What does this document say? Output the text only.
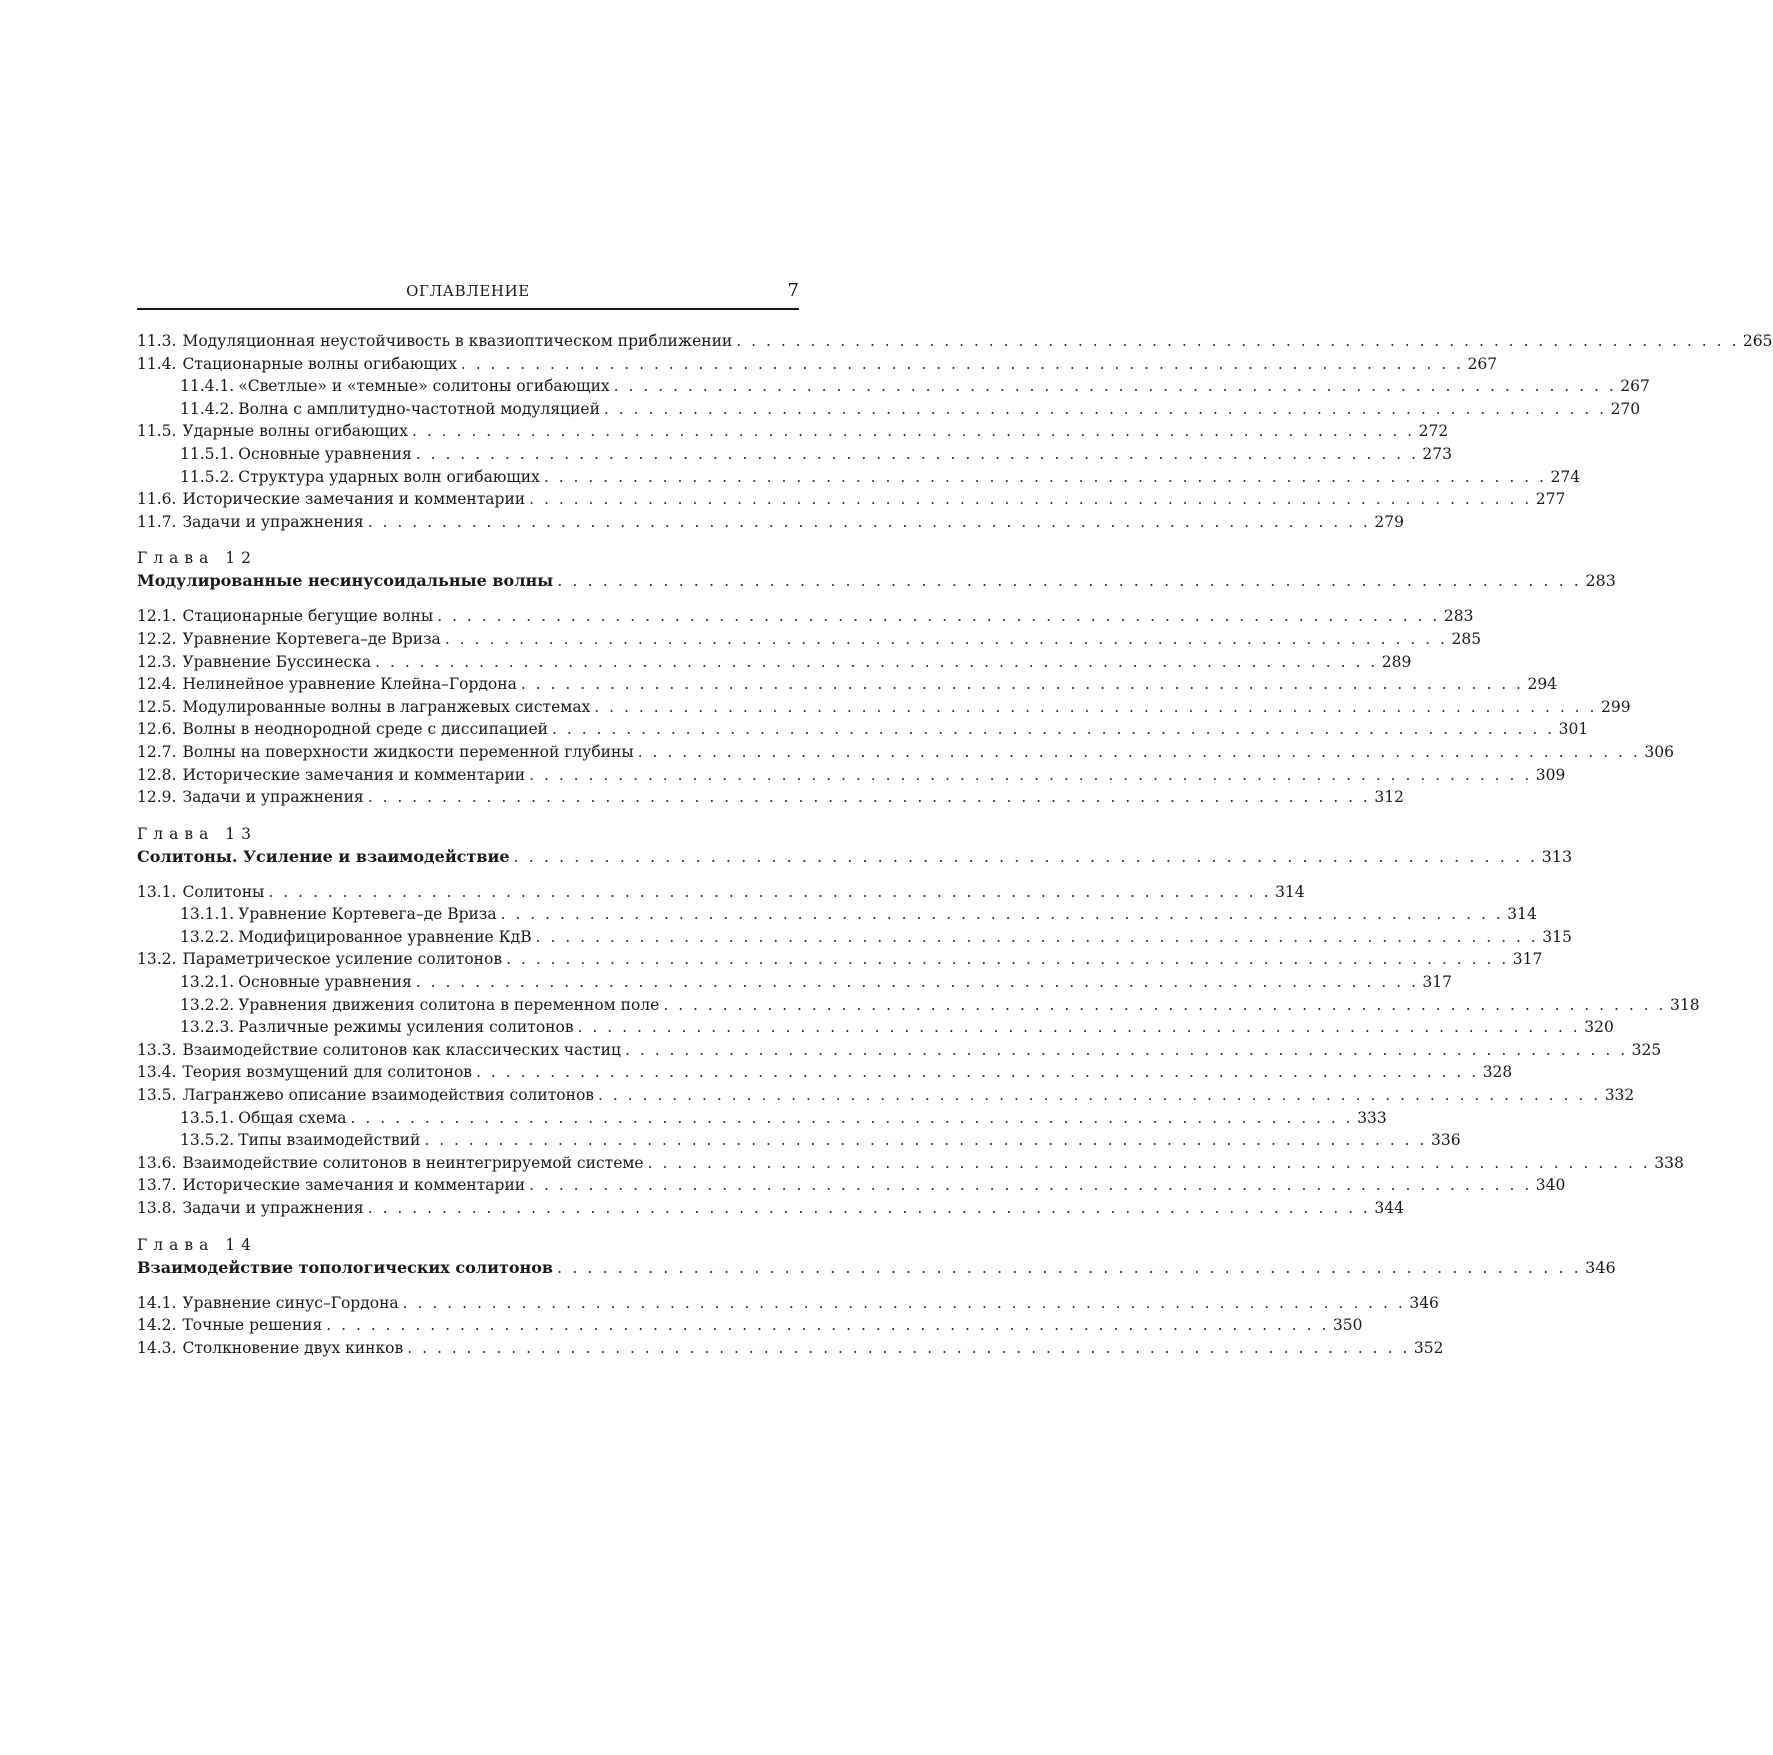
ОГЛАВЛЕНИЕ	7
11.3. Модуляционная неустойчивость в квазиоптическом приближении . . .	265
11.4. Стационарные волны огибающих . . .	267
11.4.1. «Светлые» и «темные» солитоны огибающих . . .	267
11.4.2. Волна с амплитудно-частотной модуляцией . . .	270
11.5. Ударные волны огибающих . . .	272
11.5.1. Основные уравнения . . .	273
11.5.2. Структура ударных волн огибающих . . .	274
11.6. Исторические замечания и комментарии . . .	277
11.7. Задачи и упражнения . . .	279
Глава 12
Модулированные несинусоидальные волны . . .	283
12.1. Стационарные бегущие волны . . .	283
12.2. Уравнение Кортевега–де Вриза . . .	285
12.3. Уравнение Буссинеска . . .	289
12.4. Нелинейное уравнение Клейна–Гордона . . .	294
12.5. Модулированные волны в лагранжевых системах . . .	299
12.6. Волны в неоднородной среде с диссипацией . . .	301
12.7. Волны на поверхности жидкости переменной глубины . . .	306
12.8. Исторические замечания и комментарии . . .	309
12.9. Задачи и упражнения . . .	312
Глава 13
Солитоны. Усиление и взаимодействие . . .	313
13.1. Солитоны . . .	314
13.1.1. Уравнение Кортевега–де Вриза . . .	314
13.2.2. Модифицированное уравнение КдВ . . .	315
13.2. Параметрическое усиление солитонов . . .	317
13.2.1. Основные уравнения . . .	317
13.2.2. Уравнения движения солитона в переменном поле . . .	318
13.2.3. Различные режимы усиления солитонов . . .	320
13.3. Взаимодействие солитонов как классических частиц . . .	325
13.4. Теория возмущений для солитонов . . .	328
13.5. Лагранжево описание взаимодействия солитонов . . .	332
13.5.1. Общая схема . . .	333
13.5.2. Типы взаимодействий . . .	336
13.6. Взаимодействие солитонов в неинтегрируемой системе . . .	338
13.7. Исторические замечания и комментарии . . .	340
13.8. Задачи и упражнения . . .	344
Глава 14
Взаимодействие топологических солитонов . . .	346
14.1. Уравнение синус–Гордона . . .	346
14.2. Точные решения . . .	350
14.3. Столкновение двух кинков . . .	352
